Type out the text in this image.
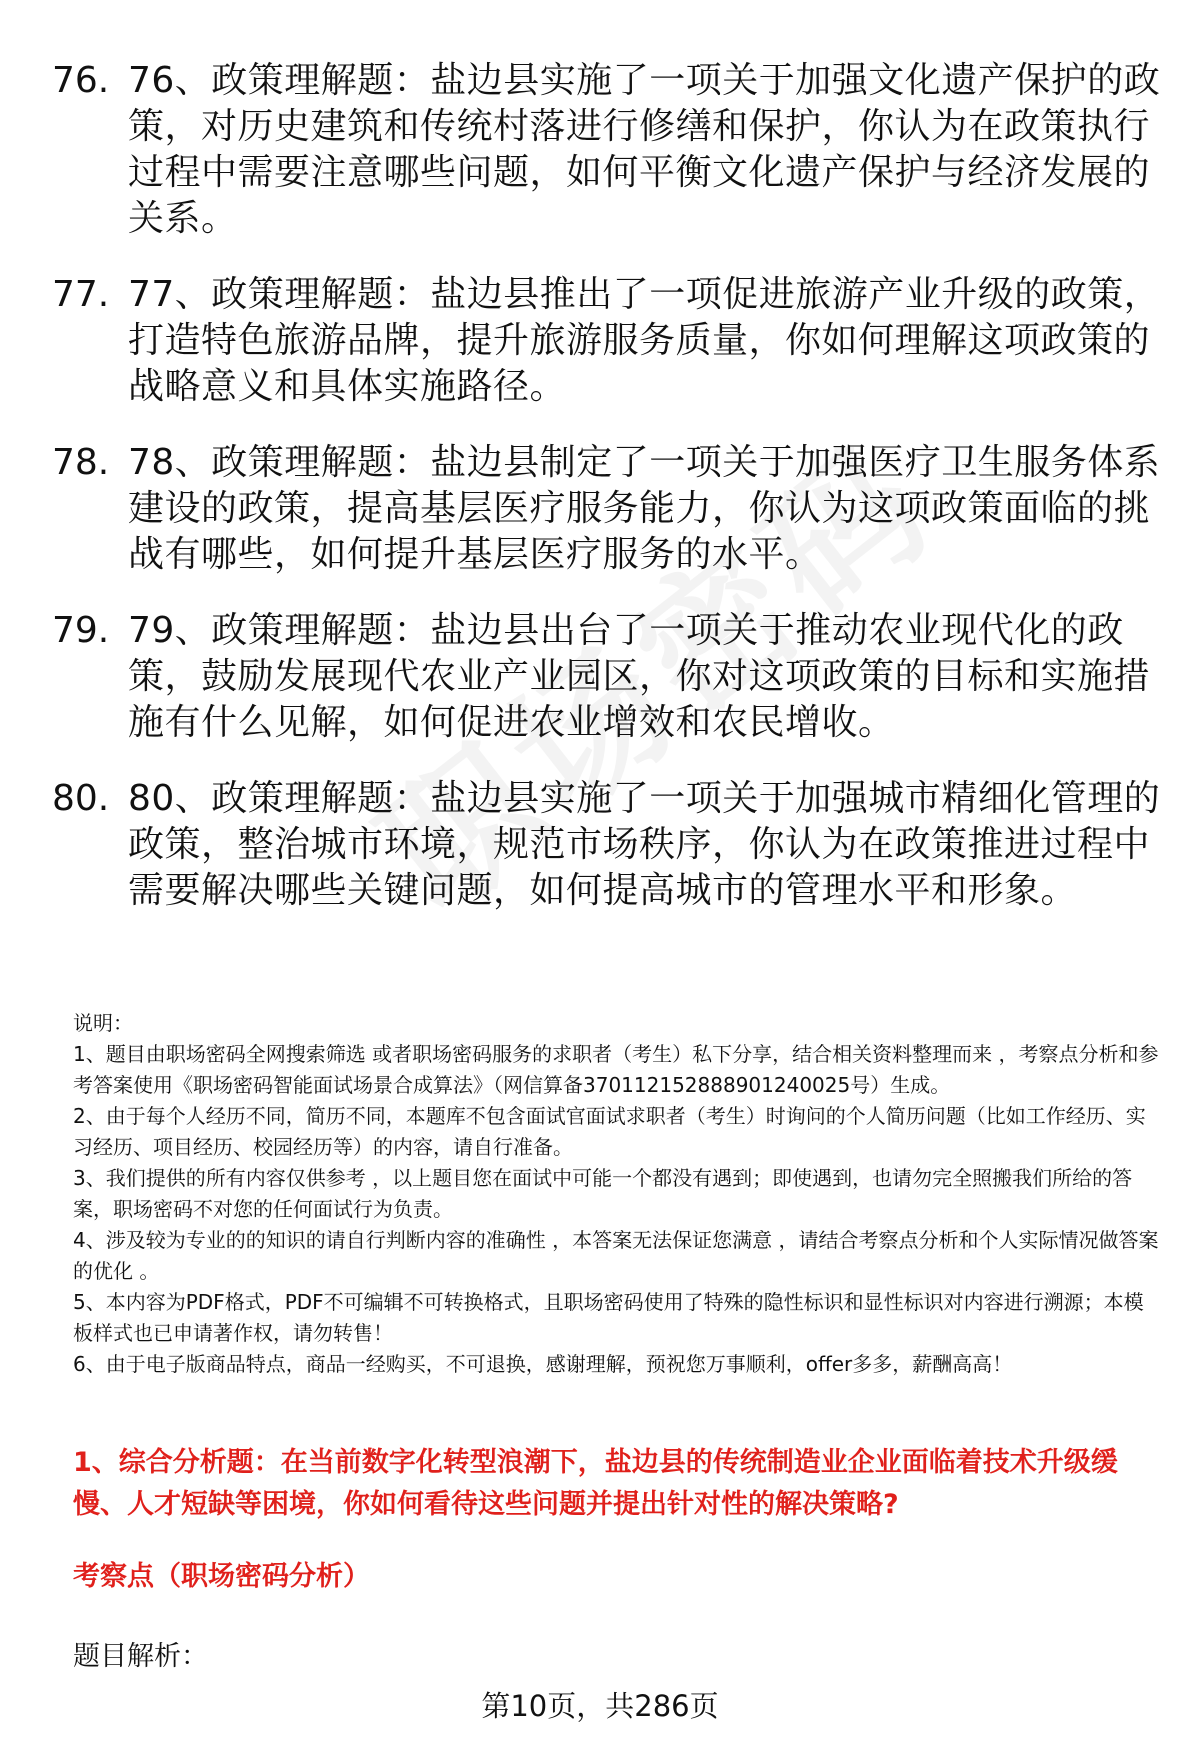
76. 76、政策理解题：盐边县实施了一项关于加强文化遗产保护的政策，对历史建筑和传统村落进行修缮和保护，你认为在政策执行过程中需要注意哪些问题，如何平衡文化遗产保护与经济发展的关系。
77. 77、政策理解题：盐边县推出了一项促进旅游产业升级的政策，打造特色旅游品牌，提升旅游服务质量，你如何理解这项政策的战略意义和具体实施路径。
78. 78、政策理解题：盐边县制定了一项关于加强医疗卫生服务体系建设的政策，提高基层医疗服务能力，你认为这项政策面临的挑战有哪些，如何提升基层医疗服务的水平。
79. 79、政策理解题：盐边县出台了一项关于推动农业现代化的政策，鼓励发展现代农业产业园区，你对这项政策的目标和实施措施有什么见解，如何促进农业增效和农民增收。
80. 80、政策理解题：盐边县实施了一项关于加强城市精细化管理的政策，整治城市环境，规范市场秩序，你认为在政策推进过程中需要解决哪些关键问题，如何提高城市的管理水平和形象。

说明：

1、题目由职场密码全网搜索筛选 或者职场密码服务的求职者（考生）私下分享，结合相关资料整理而来 ，考察点分析和参考答案使用《职场密码智能面试场景合成算法》（网信算备370112152888901240025号）生成。

2、由于每个人经历不同，简历不同，本题库不包含面试官面试求职者（考生）时询问的个人简历问题（比如工作经历、实习经历、项目经历、校园经历等）的内容，请自行准备。

3、我们提供的所有内容仅供参考 ，以上题目您在面试中可能一个都没有遇到；即使遇到，也请勿完全照搬我们所给的答案，职场密码不对您的任何面试行为负责。

4、涉及较为专业的的知识的请自行判断内容的准确性 ，本答案无法保证您满意 ，请结合考察点分析和个人实际情况做答案的优化 。

5、本内容为PDF格式，PDF不可编辑不可转换格式，且职场密码使用了特殊的隐性标识和显性标识对内容进行溯源；本模板样式也已申请著作权，请勿转售！

6、由于电子版商品特点，商品一经购买，不可退换，感谢理解，预祝您万事顺利，offer多多，薪酬高高！

1、综合分析题：在当前数字化转型浪潮下，盐边县的传统制造业企业面临着技术升级缓慢、人才短缺等困境，你如何看待这些问题并提出针对性的解决策略?
考察点（职场密码分析）
题目解析：
第10页，共286页
